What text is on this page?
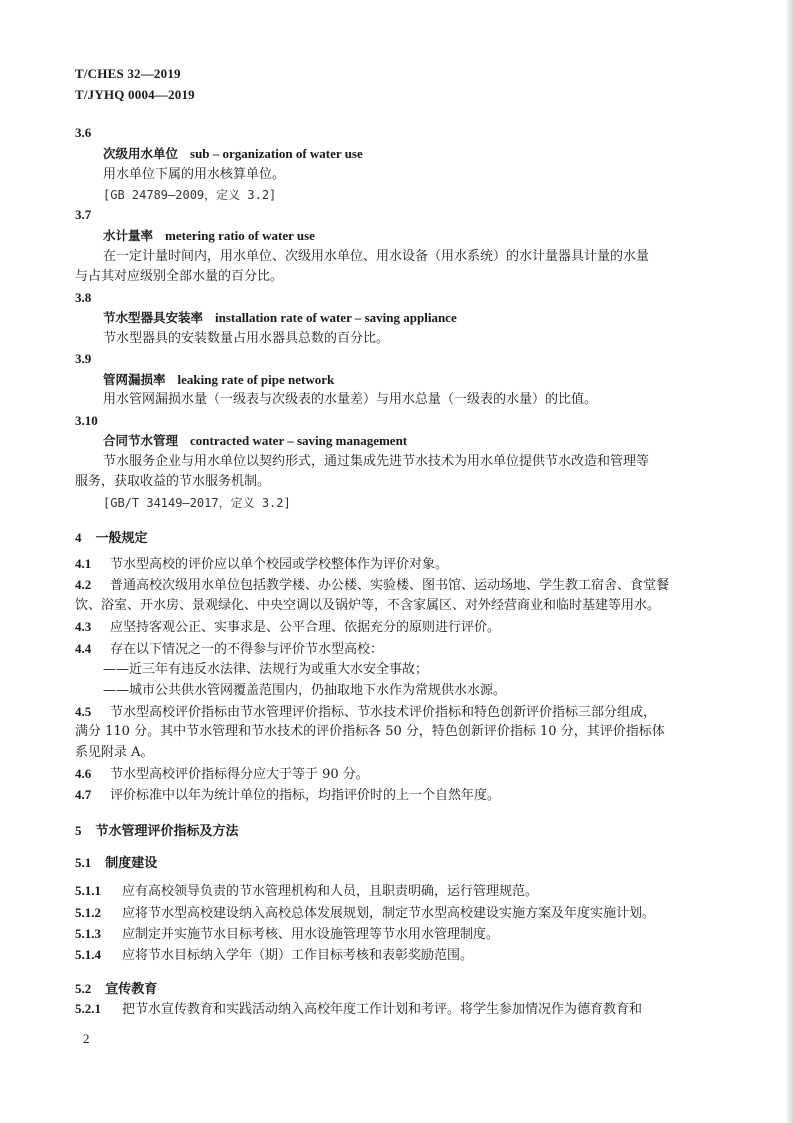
T/CHES 32—2019
T/JYHQ 0004—2019
3.6
次级用水单位 sub – organization of water use
用水单位下属的用水核算单位。
[GB 24789—2009，定义 3.2]
3.7
水计量率 metering ratio of water use
在一定计量时间内，用水单位、次级用水单位、用水设备（用水系统）的水计量器具计量的水量
与占其对应级别全部水量的百分比。
3.8
节水型器具安装率 installation rate of water – saving appliance
节水型器具的安装数量占用水器具总数的百分比。
3.9
管网漏损率 leaking rate of pipe network
用水管网漏损水量（一级表与次级表的水量差）与用水总量（一级表的水量）的比值。
3.10
合同节水管理 contracted water – saving management
节水服务企业与用水单位以契约形式，通过集成先进节水技术为用水单位提供节水改造和管理等
服务，获取收益的节水服务机制。
[GB/T 34149—2017，定义 3.2]
4 一般规定
4.1 节水型高校的评价应以单个校园或学校整体作为评价对象。
4.2 普通高校次级用水单位包括教学楼、办公楼、实验楼、图书馆、运动场地、学生教工宿舍、食堂餐
饮、浴室、开水房、景观绿化、中央空调以及锅炉等，不含家属区、对外经营商业和临时基建等用水。
4.3 应坚持客观公正、实事求是、公平合理、依据充分的原则进行评价。
4.4 存在以下情况之一的不得参与评价节水型高校：
——近三年有违反水法律、法规行为或重大水安全事故；
——城市公共供水管网覆盖范围内，仍抽取地下水作为常规供水水源。
4.5 节水型高校评价指标由节水管理评价指标、节水技术评价指标和特色创新评价指标三部分组成，
满分 110 分。其中节水管理和节水技术的评价指标各 50 分，特色创新评价指标 10 分，其评价指标体
系见附录 A。
4.6 节水型高校评价指标得分应大于等于 90 分。
4.7 评价标准中以年为统计单位的指标，均指评价时的上一个自然年度。
5 节水管理评价指标及方法
5.1 制度建设
5.1.1 应有高校领导负责的节水管理机构和人员，且职责明确，运行管理规范。
5.1.2 应将节水型高校建设纳入高校总体发展规划，制定节水型高校建设实施方案及年度实施计划。
5.1.3 应制定并实施节水目标考核、用水设施管理等节水用水管理制度。
5.1.4 应将节水目标纳入学年（期）工作目标考核和表彰奖励范围。
5.2 宣传教育
5.2.1 把节水宣传教育和实践活动纳入高校年度工作计划和考评。将学生参加情况作为德育教育和
2
